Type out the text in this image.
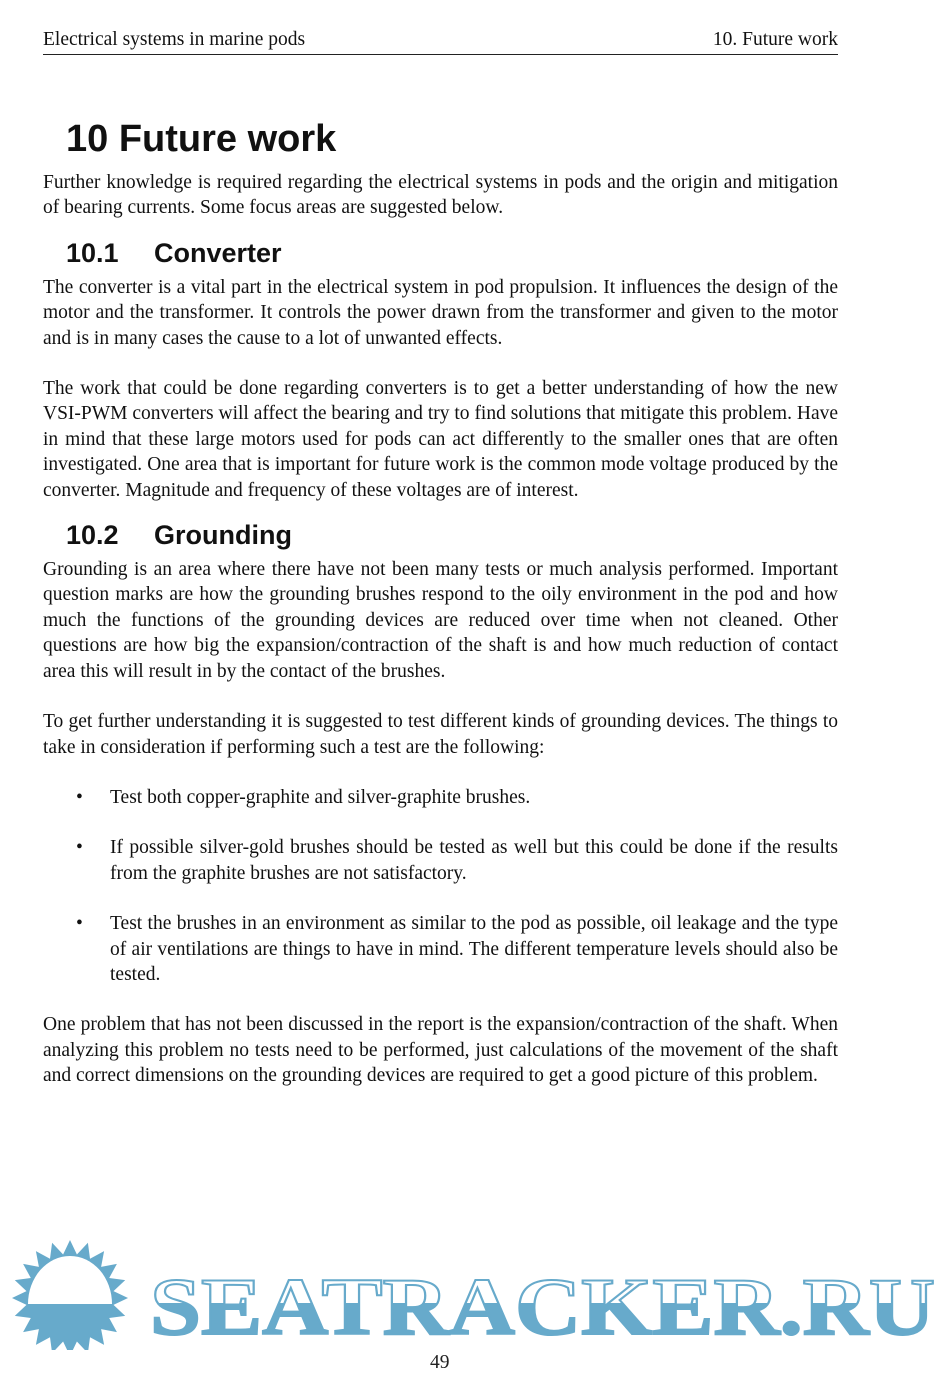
Electrical systems in marine pods	10. Future work
10 Future work

Further knowledge is required regarding the electrical systems in pods and the origin and mitigation of bearing currents. Some focus areas are suggested below.

10.1 Converter

The converter is a vital part in the electrical system in pod propulsion. It influences the design of the motor and the transformer. It controls the power drawn from the transformer and given to the motor and is in many cases the cause to a lot of unwanted effects.

The work that could be done regarding converters is to get a better understanding of how the new VSI-PWM converters will affect the bearing and try to find solutions that mitigate this problem. Have in mind that these large motors used for pods can act differently to the smaller ones that are often investigated. One area that is important for future work is the common mode voltage produced by the converter. Magnitude and frequency of these voltages are of interest.

10.2 Grounding

Grounding is an area where there have not been many tests or much analysis performed. Important question marks are how the grounding brushes respond to the oily environment in the pod and how much the functions of the grounding devices are reduced over time when not cleaned. Other questions are how big the expansion/contraction of the shaft is and how much reduction of contact area this will result in by the contact of the brushes.

To get further understanding it is suggested to test different kinds of grounding devices. The things to take in consideration if performing such a test are the following:

• Test both copper-graphite and silver-graphite brushes.
• If possible silver-gold brushes should be tested as well but this could be done if the results from the graphite brushes are not satisfactory.
• Test the brushes in an environment as similar to the pod as possible, oil leakage and the type of air ventilations are things to have in mind. The different temperature levels should also be tested.

One problem that has not been discussed in the report is the expansion/contraction of the shaft. When analyzing this problem no tests need to be performed, just calculations of the movement of the shaft and correct dimensions on the grounding devices are required to get a good picture of this problem.

SEATRACKER.RU
49
